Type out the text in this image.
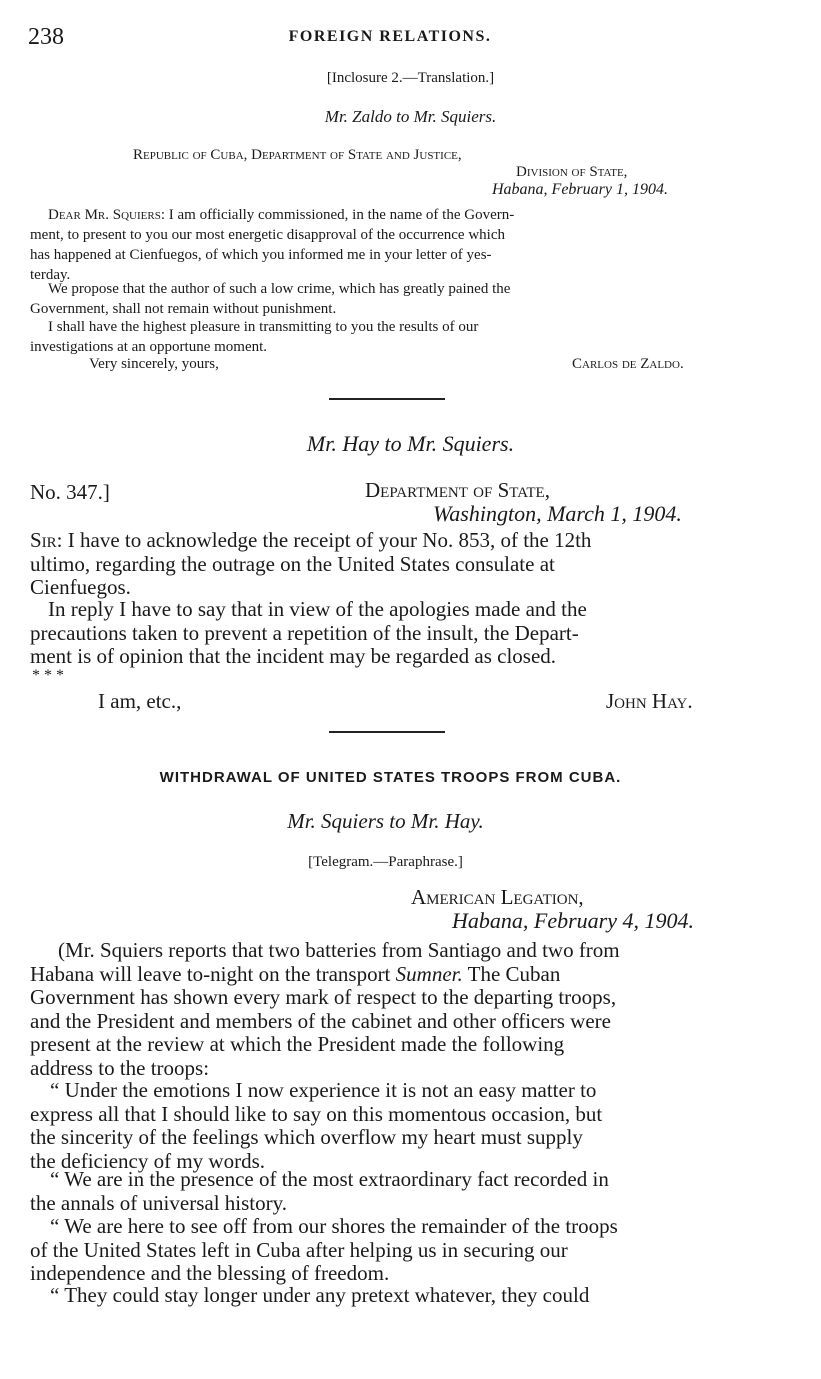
238	FOREIGN RELATIONS.
[Inclosure 2.—Translation.]
Mr. Zaldo to Mr. Squiers.
Republic of Cuba, Department of State and Justice,
Division of State,
Habana, February 1, 1904.
Dear Mr. Squiers: I am officially commissioned, in the name of the Govern-
ment, to present to you our most energetic disapproval of the occurrence which
has happened at Cienfuegos, of which you informed me in your letter of yes-
terday.
We propose that the author of such a low crime, which has greatly pained the
Government, shall not remain without punishment.
I shall have the highest pleasure in transmitting to you the results of our
investigations at an opportune moment.
Very sincerely, yours,	Carlos de Zaldo.
Mr. Hay to Mr. Squiers.
No. 347.]	Department of State,
Washington, March 1, 1904.
Sir: I have to acknowledge the receipt of your No. 853, of the 12th
ultimo, regarding the outrage on the United States consulate at
Cienfuegos.
In reply I have to say that in view of the apologies made and the
precautions taken to prevent a repetition of the insult, the Depart-
ment is of opinion that the incident may be regarded as closed.
* * *
I am, etc.,	John Hay.
WITHDRAWAL OF UNITED STATES TROOPS FROM CUBA.
Mr. Squiers to Mr. Hay.
[Telegram.—Paraphrase.]
American Legation,
Habana, February 4, 1904.
(Mr. Squiers reports that two batteries from Santiago and two from
Habana will leave to-night on the transport Sumner. The Cuban
Government has shown every mark of respect to the departing troops,
and the President and members of the cabinet and other officers were
present at the review at which the President made the following
address to the troops:
“ Under the emotions I now experience it is not an easy matter to
express all that I should like to say on this momentous occasion, but
the sincerity of the feelings which overflow my heart must supply
the deficiency of my words.
“ We are in the presence of the most extraordinary fact recorded in
the annals of universal history.
“ We are here to see off from our shores the remainder of the troops
of the United States left in Cuba after helping us in securing our
independence and the blessing of freedom.
“ They could stay longer under any pretext whatever, they could
